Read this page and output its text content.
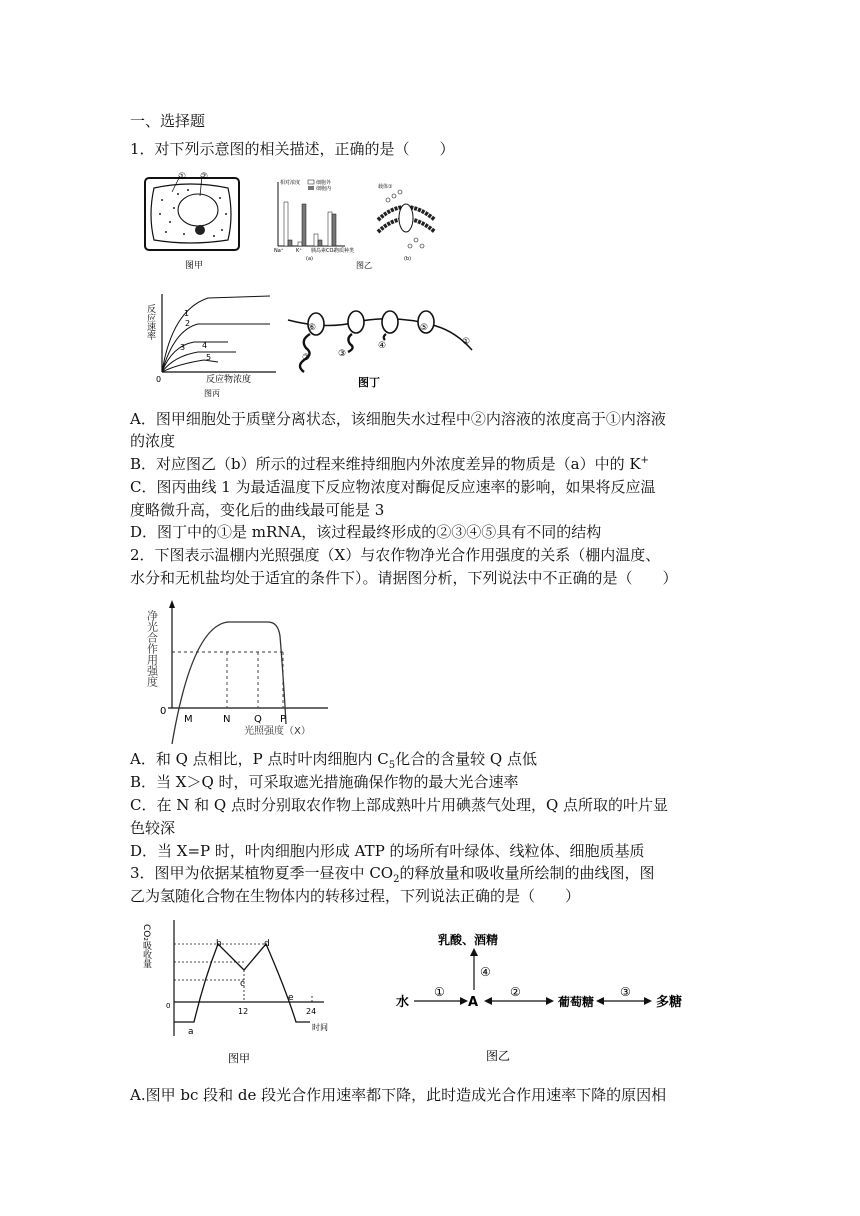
一、选择题
1．对下列示意图的相关描述，正确的是（　　）
① ②
图甲
相对浓度	细胞外
细胞内
Na⁺	K⁺ 胰岛素 CO₂
物质种类
(a)
图乙
载体①
(b)
反应速率
0	反应物浓度
图丙
1
2
3 4
5
⑥
②	③
④
⑤
①
图丁
A．图甲细胞处于质壁分离状态，该细胞失水过程中②内溶液的浓度高于①内溶液
的浓度
B．对应图乙（b）所示的过程来维持细胞内外浓度差异的物质是（a）中的 K+
C．图丙曲线 1 为最适温度下反应物浓度对酶促反应速率的影响，如果将反应温
度略微升高，变化后的曲线最可能是 3
D．图丁中的①是 mRNA，该过程最终形成的②③④⑤具有不同的结构
2．下图表示温棚内光照强度（X）与农作物净光合作用强度的关系（棚内温度、
水分和无机盐均处于适宜的条件下）。请据图分析，下列说法中不正确的是（　　）
净光合作用强度
0
M	N Q P
光照强度（X）
A．和 Q 点相比，P 点时叶肉细胞内 $C_5$化合的含量较 Q 点低
B．当 X＞Q 时，可采取遮光措施确保作物的最大光合速率
C．在 N 和 Q 点时分别取农作物上部成熟叶片用碘蒸气处理，Q 点所取的叶片显
色较深
D．当 X=P 时，叶肉细胞内形成 ATP 的场所有叶绿体、线粒体、细胞质基质
3．图甲为依据某植物夏季一昼夜中 $CO_2$的释放量和吸收量所绘制的曲线图，图
乙为氢随化合物在生物体内的转移过程，下列说法正确的是（　　）
CO₂吸收量
0
a
b
c
d
e
12	24
时间
图甲
乳酸、酒精
④
水
①
A
②
葡萄糖
③
多糖
图乙
A.图甲 bc 段和 de 段光合作用速率都下降，此时造成光合作用速率下降的原因相
